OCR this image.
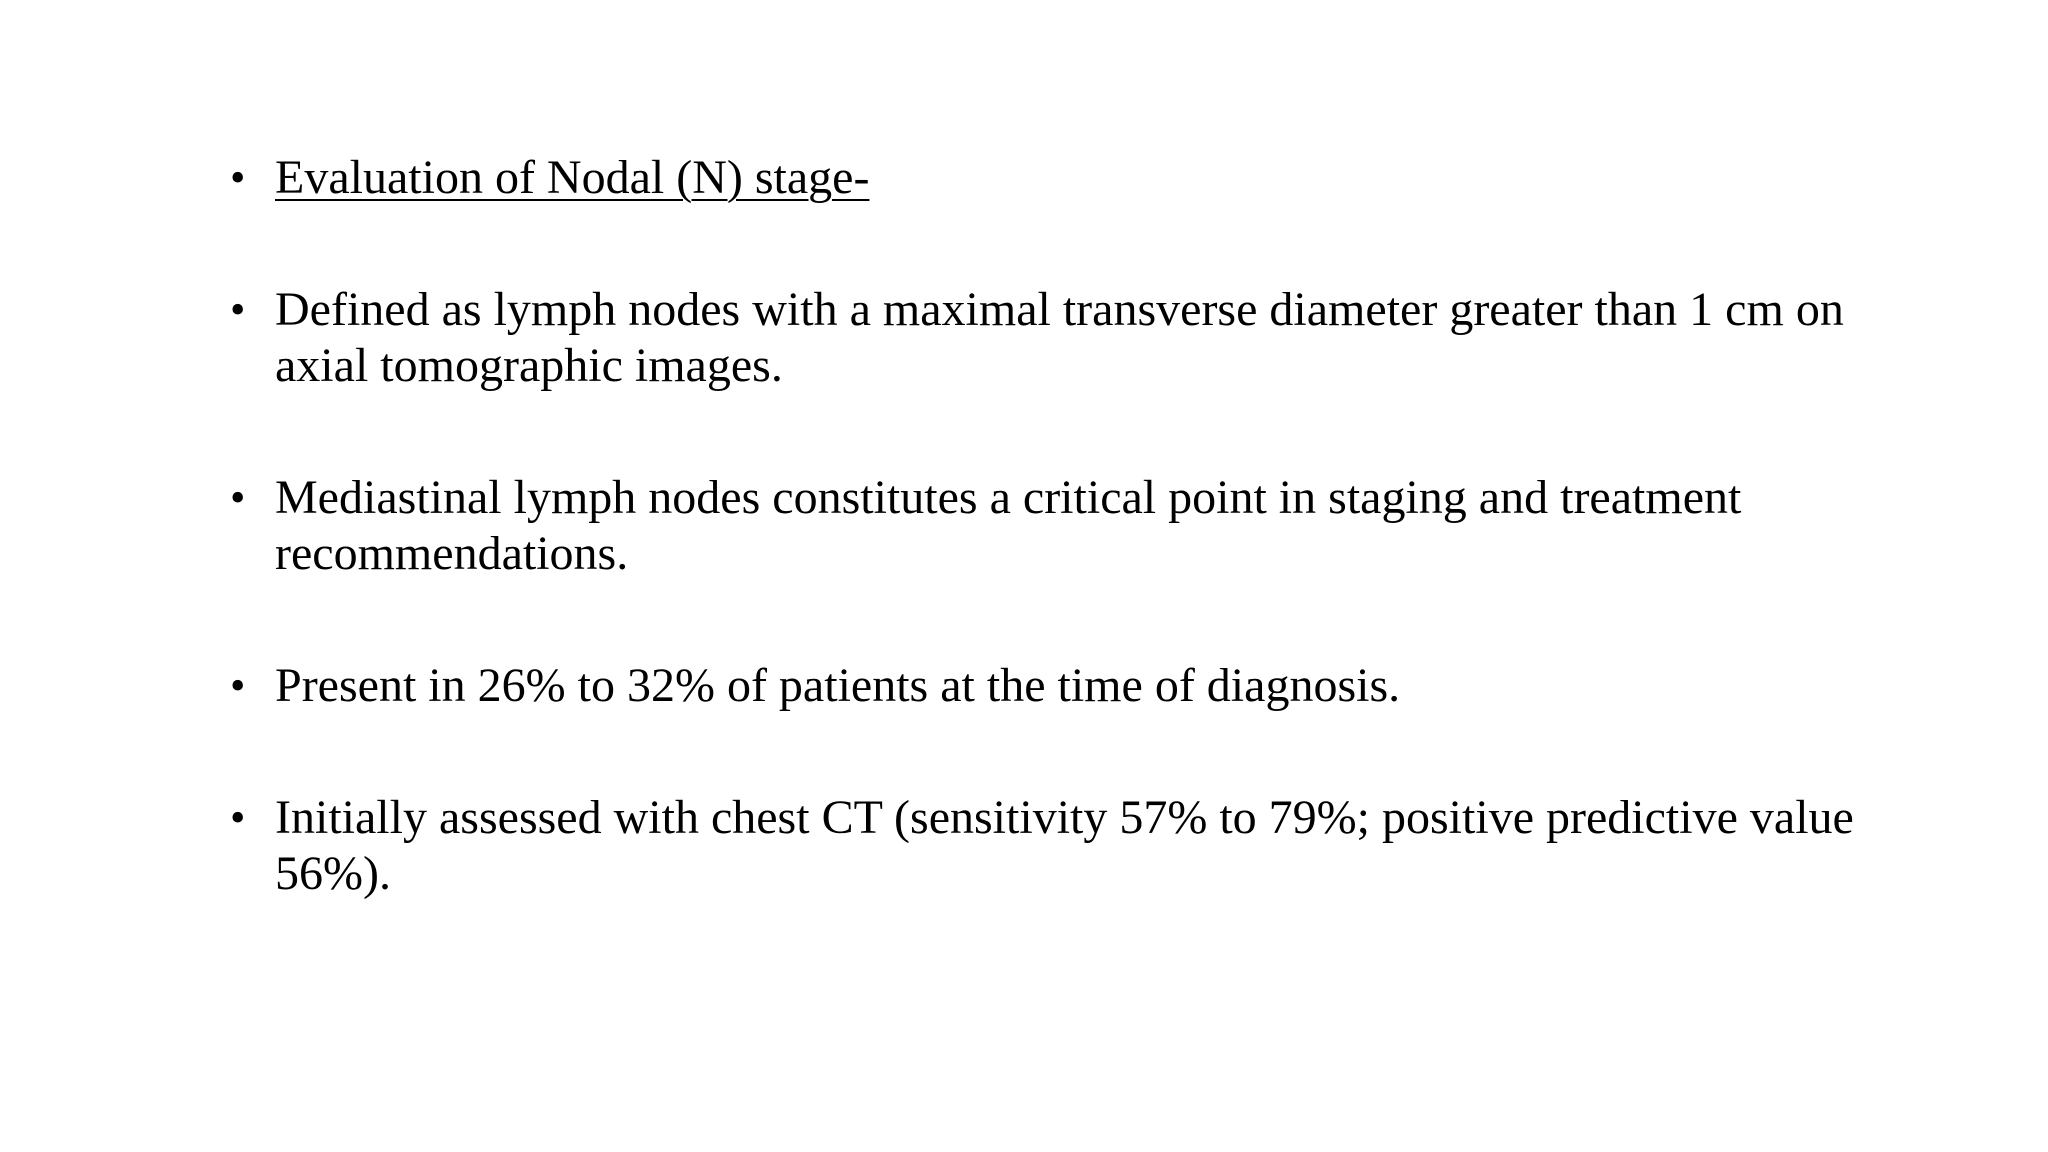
• Evaluation of Nodal (N) stage-
• Defined as lymph nodes with a maximal transverse diameter greater than 1 cm on axial tomographic images.
• Mediastinal lymph nodes constitutes a critical point in staging and treatment recommendations.
• Present in 26% to 32% of patients at the time of diagnosis.
• Initially assessed with chest CT (sensitivity 57% to 79%; positive predictive value 56%).
